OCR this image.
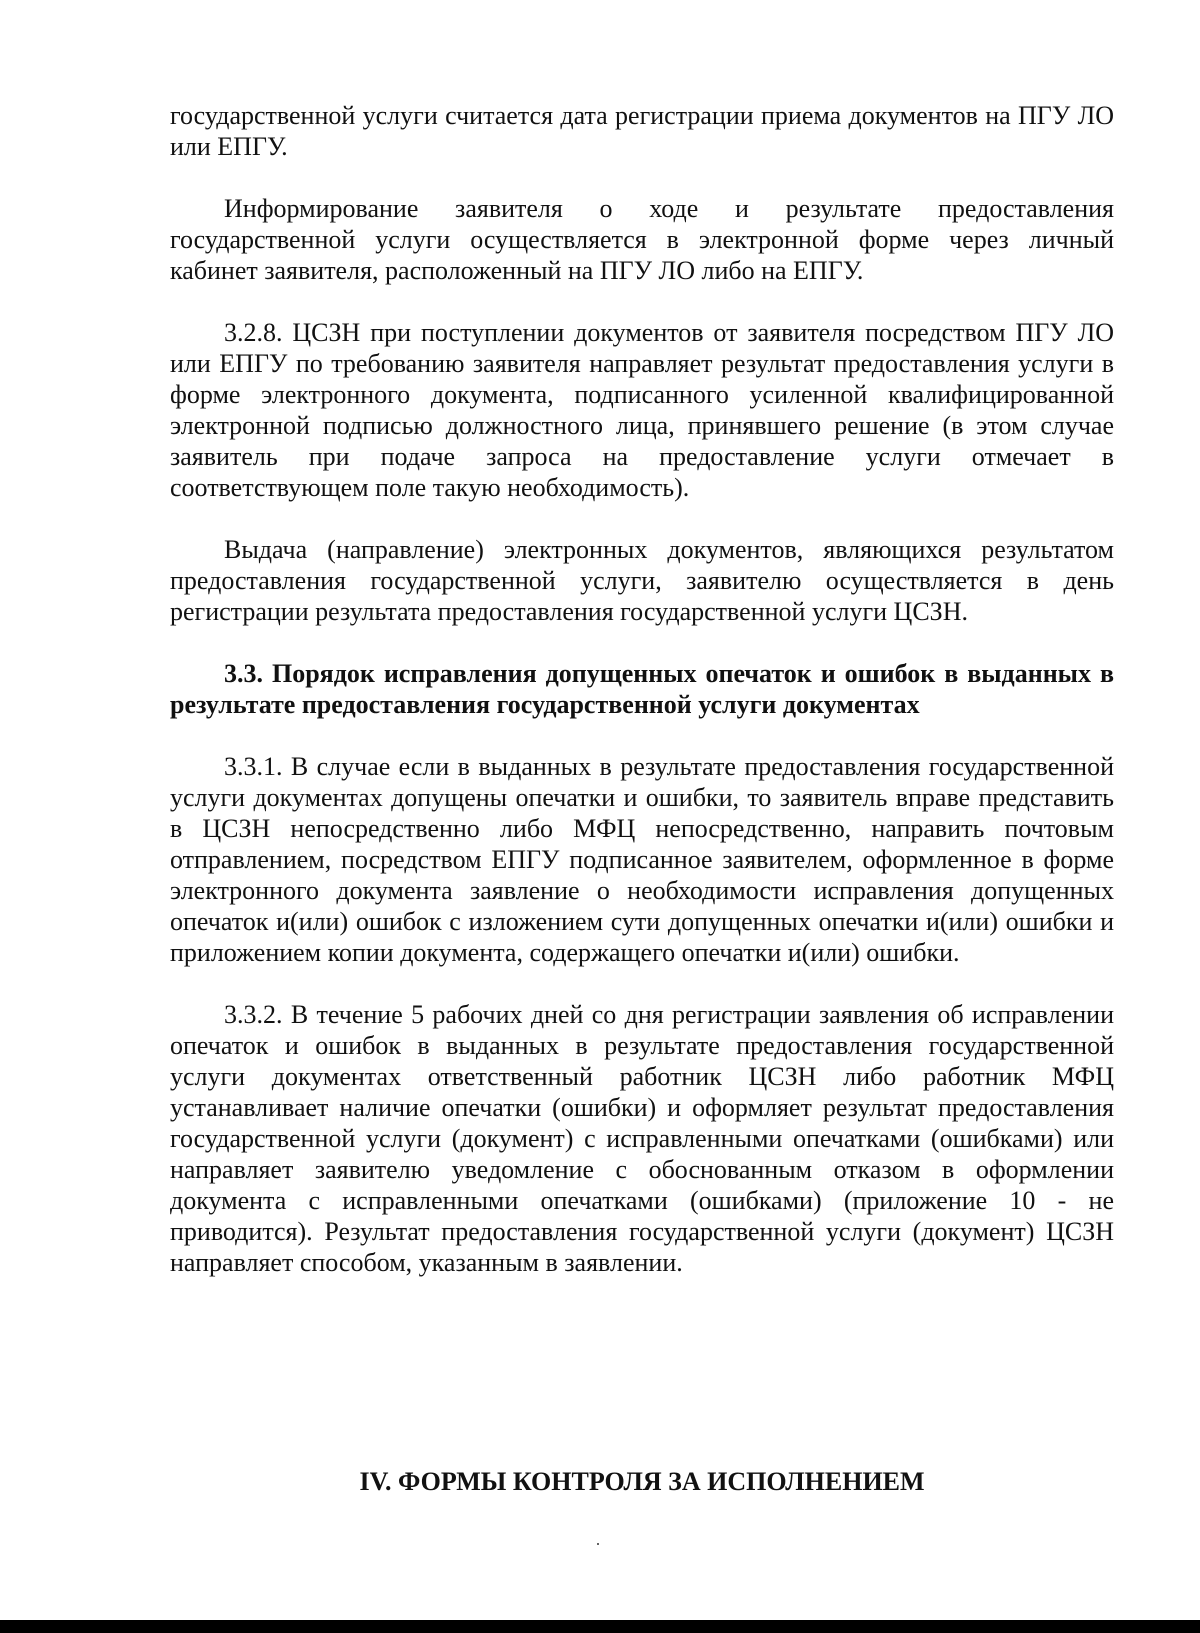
государственной услуги считается дата регистрации приема документов на ПГУ ЛО или ЕПГУ.

Информирование заявителя о ходе и результате предоставления государственной услуги осуществляется в электронной форме через личный кабинет заявителя, расположенный на ПГУ ЛО либо на ЕПГУ.

3.2.8. ЦСЗН при поступлении документов от заявителя посредством ПГУ ЛО или ЕПГУ по требованию заявителя направляет результат предоставления услуги в форме электронного документа, подписанного усиленной квалифицированной электронной подписью должностного лица, принявшего решение (в этом случае заявитель при подаче запроса на предоставление услуги отмечает в соответствующем поле такую необходимость).

Выдача (направление) электронных документов, являющихся результатом предоставления государственной услуги, заявителю осуществляется в день регистрации результата предоставления государственной услуги ЦСЗН.

3.3. Порядок исправления допущенных опечаток и ошибок в выданных в результате предоставления государственной услуги документах

3.3.1. В случае если в выданных в результате предоставления государственной услуги документах допущены опечатки и ошибки, то заявитель вправе представить в ЦСЗН непосредственно либо МФЦ непосредственно, направить почтовым отправлением, посредством ЕПГУ подписанное заявителем, оформленное в форме электронного документа заявление о необходимости исправления допущенных опечаток и(или) ошибок с изложением сути допущенных опечатки и(или) ошибки и приложением копии документа, содержащего опечатки и(или) ошибки.

3.3.2. В течение 5 рабочих дней со дня регистрации заявления об исправлении опечаток и ошибок в выданных в результате предоставления государственной услуги документах ответственный работник ЦСЗН либо работник МФЦ устанавливает наличие опечатки (ошибки) и оформляет результат предоставления государственной услуги (документ) с исправленными опечатками (ошибками) или направляет заявителю уведомление с обоснованным отказом в оформлении документа с исправленными опечатками (ошибками) (приложение 10 - не приводится). Результат предоставления государственной услуги (документ) ЦСЗН направляет способом, указанным в заявлении.

IV. ФОРМЫ КОНТРОЛЯ ЗА ИСПОЛНЕНИЕМ
